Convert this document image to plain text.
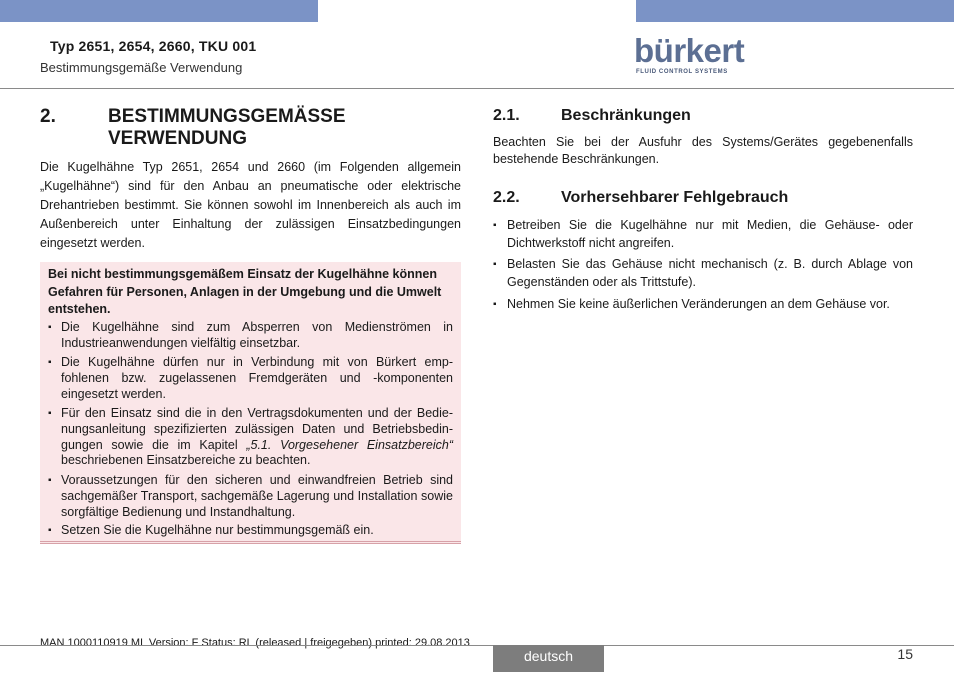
Typ 2651, 2654, 2660, TKU 001
Bestimmungsgemäße Verwendung	bürkert
FLUID CONTROL SYSTEMS
2.	BESTIMMUNGSGEMÄSSE VERWENDUNG
Die Kugelhähne Typ 2651, 2654 und 2660 (im Folgenden allgemein „Kugelhähne“) sind für den Anbau an pneumatische oder elektrische Drehantrieben bestimmt. Sie können sowohl im Innenbereich als auch im Außenbereich unter Einhaltung der zulässigen Einsatzbedingungen eingesetzt werden.
Bei nicht bestimmungsgemäßem Einsatz der Kugelhähne können Gefahren für Personen, Anlagen in der Umgebung und die Umwelt entstehen.
▪ Die Kugelhähne sind zum Absperren von Medienströmen in Industrieanwendungen vielfältig einsetzbar.
▪ Die Kugelhähne dürfen nur in Verbindung mit von Bürkert emp-fohlenen bzw. zugelassenen Fremdgeräten und -komponenten eingesetzt werden.
▪ Für den Einsatz sind die in den Vertragsdokumenten und der Bedie-nungsanleitung spezifizierten zulässigen Daten und Betriebsbedin-gungen sowie die im Kapitel „5.1. Vorgesehener Einsatzbereich“ beschriebenen Einsatzbereiche zu beachten.
▪ Voraussetzungen für den sicheren und einwandfreien Betrieb sind sachgemäßer Transport, sachgemäße Lagerung und Installation sowie sorgfältige Bedienung und Instandhaltung.
▪ Setzen Sie die Kugelhähne nur bestimmungsgemäß ein.
2.1.	Beschränkungen
Beachten Sie bei der Ausfuhr des Systems/Gerätes gegebenenfalls bestehende Beschränkungen.
2.2.	Vorhersehbarer Fehlgebrauch
▪ Betreiben Sie die Kugelhähne nur mit Medien, die Gehäuse- oder Dichtwerkstoff nicht angreifen.
▪ Belasten Sie das Gehäuse nicht mechanisch (z. B. durch Ablage von Gegenständen oder als Trittstufe).
▪ Nehmen Sie keine äußerlichen Veränderungen an dem Gehäuse vor.
MAN 1000110919 ML Version: F Status: RL (released | freigegeben) printed: 29.08.2013
deutsch	15
